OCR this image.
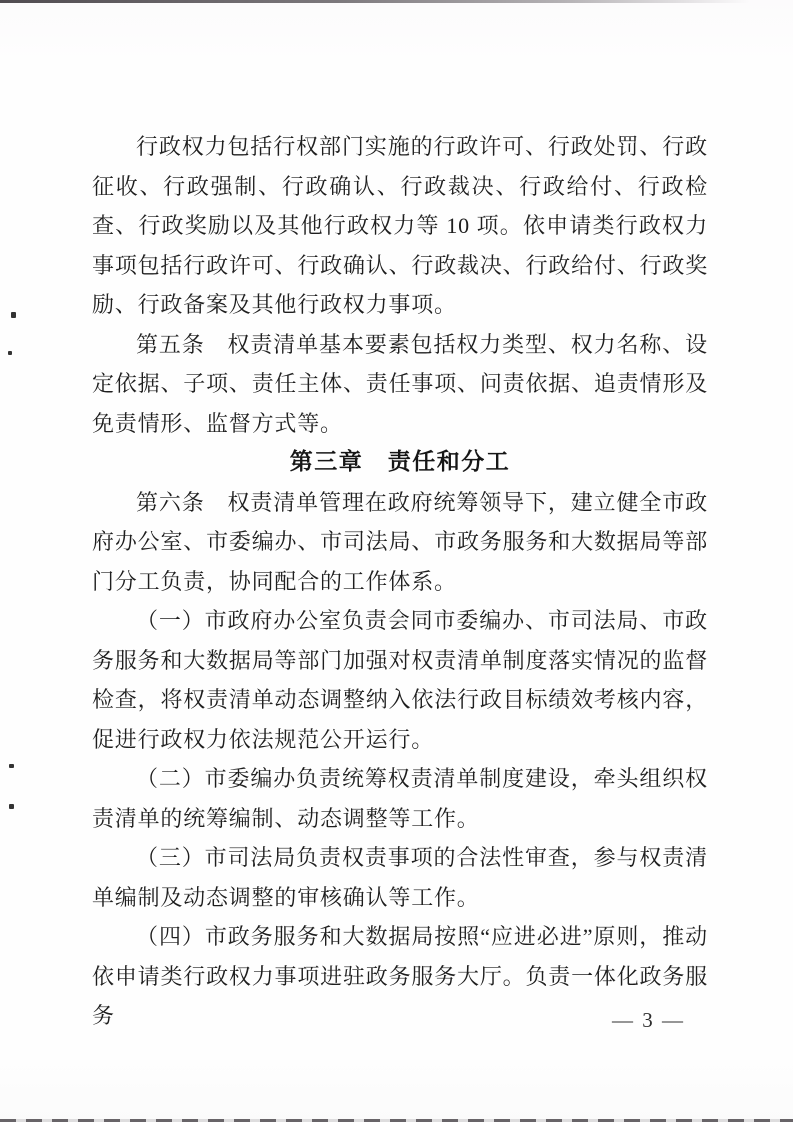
行政权力包括行权部门实施的行政许可、行政处罚、行政征收、行政强制、行政确认、行政裁决、行政给付、行政检查、行政奖励以及其他行政权力等 10 项。依申请类行政权力事项包括行政许可、行政确认、行政裁决、行政给付、行政奖励、行政备案及其他行政权力事项。

第五条　权责清单基本要素包括权力类型、权力名称、设定依据、子项、责任主体、责任事项、问责依据、追责情形及免责情形、监督方式等。

第三章　责任和分工

第六条　权责清单管理在政府统筹领导下，建立健全市政府办公室、市委编办、市司法局、市政务服务和大数据局等部门分工负责，协同配合的工作体系。

（一）市政府办公室负责会同市委编办、市司法局、市政务服务和大数据局等部门加强对权责清单制度落实情况的监督检查，将权责清单动态调整纳入依法行政目标绩效考核内容，促进行政权力依法规范公开运行。

（二）市委编办负责统筹权责清单制度建设，牵头组织权责清单的统筹编制、动态调整等工作。

（三）市司法局负责权责事项的合法性审查，参与权责清单编制及动态调整的审核确认等工作。

（四）市政务服务和大数据局按照“应进必进”原则，推动依申请类行政权力事项进驻政务服务大厅。负责一体化政务服务	— 3 —
